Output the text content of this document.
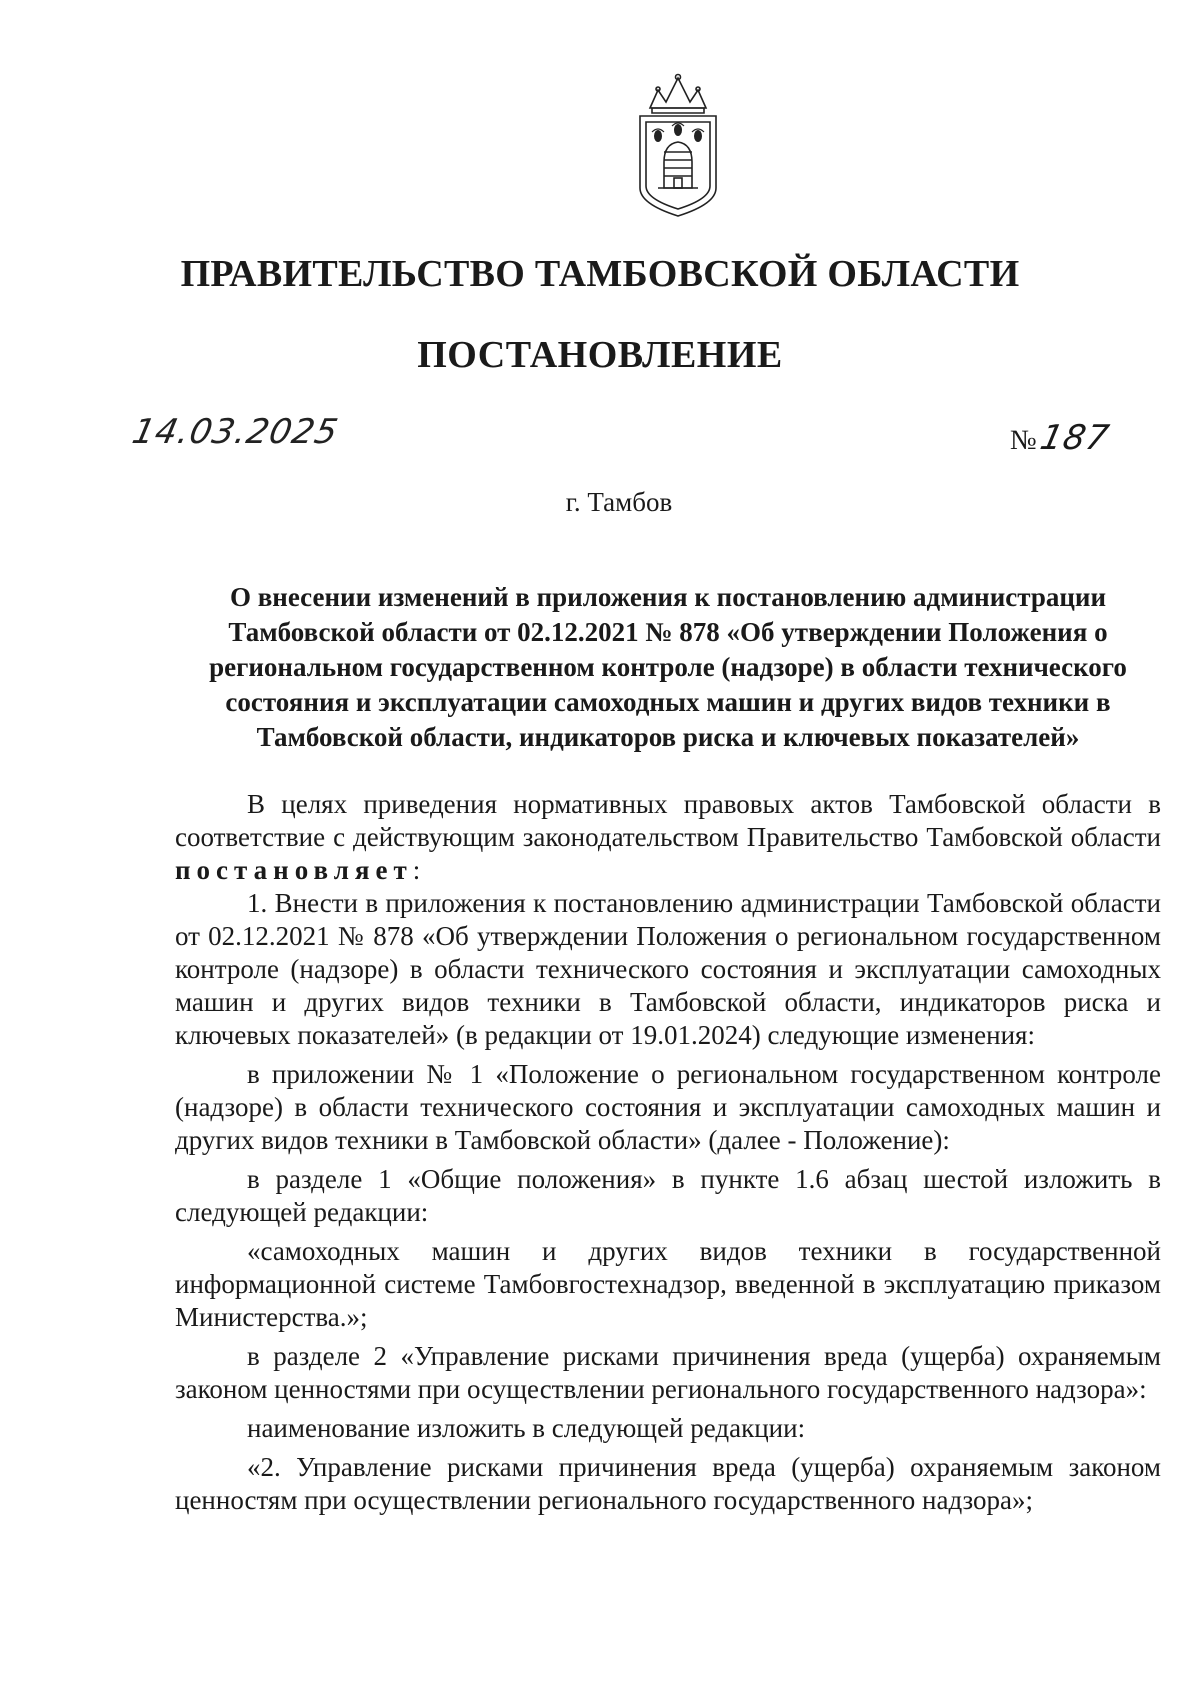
ПРАВИТЕЛЬСТВО ТАМБОВСКОЙ ОБЛАСТИ
ПОСТАНОВЛЕНИЕ
14.03.2025	№187
г. Тамбов
О внесении изменений в приложения к постановлению администрации Тамбовской области от 02.12.2021 № 878 «Об утверждении Положения о региональном государственном контроле (надзоре) в области технического состояния и эксплуатации самоходных машин и других видов техники в Тамбовской области, индикаторов риска и ключевых показателей»

В целях приведения нормативных правовых актов Тамбовской области в соответствие с действующим законодательством Правительство Тамбовской области постановляет:

1. Внести в приложения к постановлению администрации Тамбовской области от 02.12.2021 № 878 «Об утверждении Положения о региональном государственном контроле (надзоре) в области технического состояния и эксплуатации самоходных машин и других видов техники в Тамбовской области, индикаторов риска и ключевых показателей» (в редакции от 19.01.2024) следующие изменения:

в приложении № 1 «Положение о региональном государственном контроле (надзоре) в области технического состояния и эксплуатации самоходных машин и других видов техники в Тамбовской области» (далее - Положение):

в разделе 1 «Общие положения» в пункте 1.6 абзац шестой изложить в следующей редакции:

«самоходных машин и других видов техники в государственной информационной системе Тамбовгостехнадзор, введенной в эксплуатацию приказом Министерства.»;

в разделе 2 «Управление рисками причинения вреда (ущерба) охраняемым законом ценностями при осуществлении регионального государственного надзора»:

наименование изложить в следующей редакции:

«2. Управление рисками причинения вреда (ущерба) охраняемым законом ценностям при осуществлении регионального государственного надзора»;
